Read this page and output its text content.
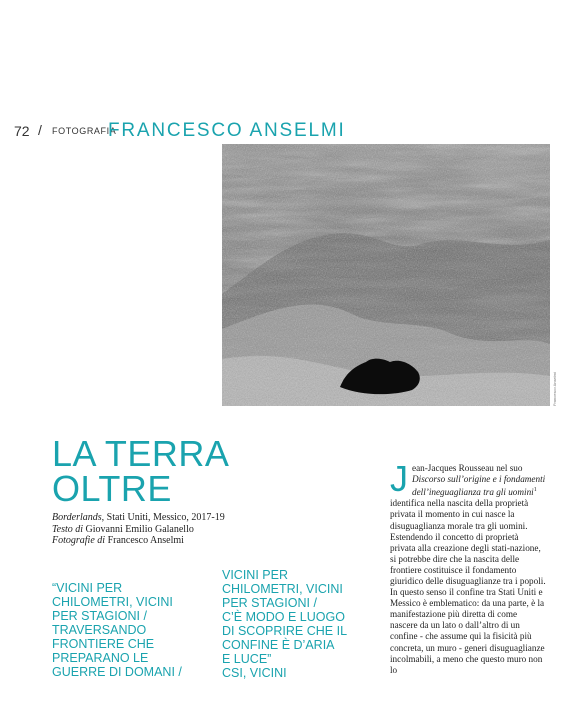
72 / FOTOGRAFIA
FRANCESCO ANSELMI
Francesco Anselmi
LA TERRA OLTRE

Borderlands, Stati Uniti, Messico, 2017-19

Testo di Giovanni Emilio Galanello

Fotografie di Francesco Anselmi

“VICINI PER
CHILOMETRI, VICINI
PER STAGIONI /
TRAVERSANDO
FRONTIERE CHE
PREPARANO LE
GUERRE DI DOMANI /

VICINI PER
CHILOMETRI, VICINI
PER STAGIONI /
C’È MODO E LUOGO
DI SCOPRIRE CHE IL
CONFINE È D’ARIA
E LUCE”
CSI, VICINI

J ean-Jacques Rousseau nel suo Discorso sull’origine e i fondamenti dell’ineguaglianza tra gli uomini$^1$ identifica nella nascita della proprietà privata il momento in cui nasce la disuguaglianza morale tra gli uomini. Estendendo il concetto di proprietà privata alla creazione degli stati-nazione, si potrebbe dire che la nascita delle frontiere costituisce il fondamento giuridico delle disuguaglianze tra i popoli. In questo senso il confine tra Stati Uniti e Messico è emblematico: da una parte, è la manifestazione più diretta di come nascere da un lato o dall’altro di un confine - che assume qui la fisicità più concreta, un muro - generi disuguaglianze incolmabili, a meno che questo muro non lo
